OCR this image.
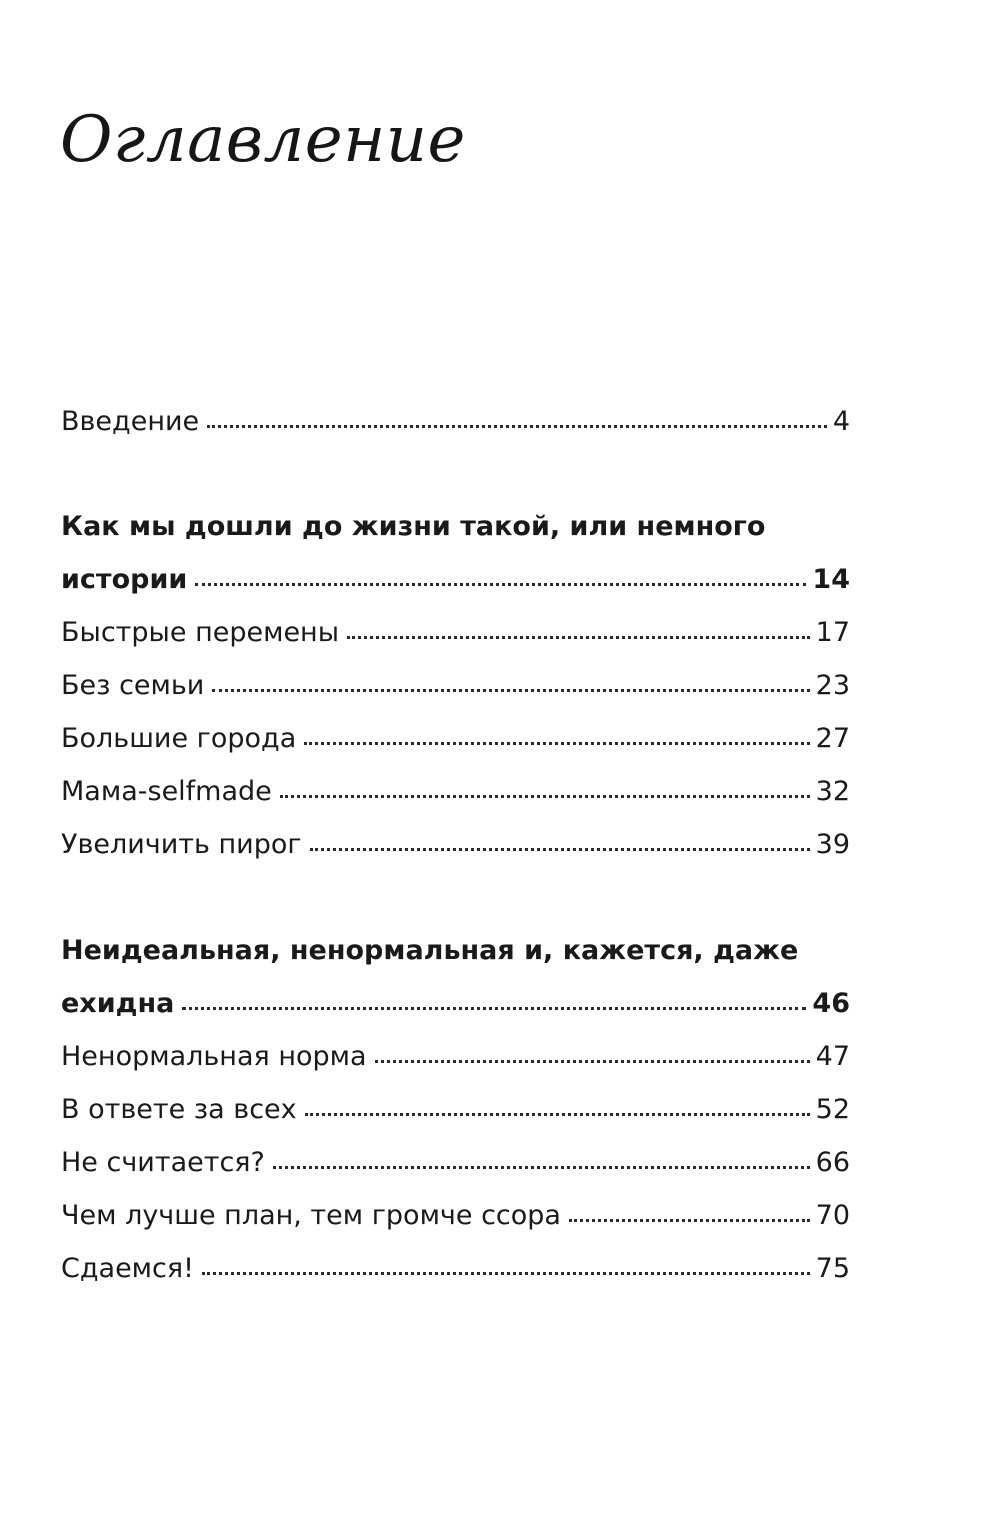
Оглавление
Введение	4
Как мы дошли до жизни такой, или немного
истории	14
Быстрые перемены	17
Без семьи	23
Большие города	27
Мама-selfmade	32
Увеличить пирог	39
Неидеальная, ненормальная и, кажется, даже
ехидна	46
Ненормальная норма	47
В ответе за всех	52
Не считается?	66
Чем лучше план, тем громче ссора	70
Сдаемся!	75
